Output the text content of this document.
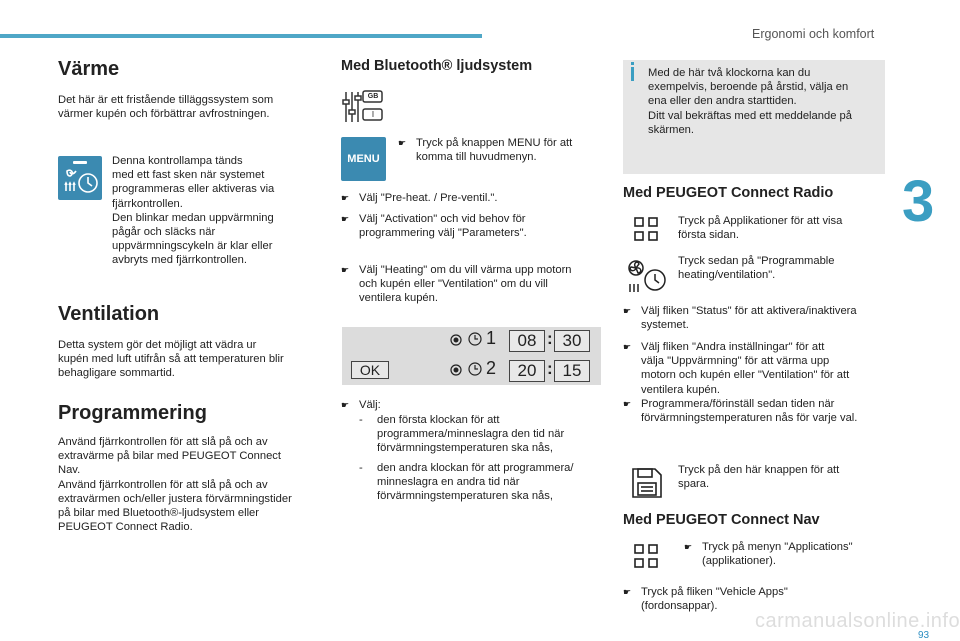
Ergonomi och komfort
3
Värme
Det här är ett fristående tilläggssystem som värmer kupén och förbättrar avfrostningen.
Denna kontrollampa tänds
med ett fast sken när systemet
programmeras eller aktiveras via
fjärrkontrollen.
Den blinkar medan uppvärmning
pågår och släcks när
uppvärmningscykeln är klar eller
avbryts med fjärrkontrollen.
Ventilation
Detta system gör det möjligt att vädra ur
kupén med luft utifrån så att temperaturen blir
behagligare sommartid.
Programmering
Använd fjärrkontrollen för att slå på och av
extravärme på bilar med PEUGEOT Connect
Nav.
Använd fjärrkontrollen för att slå på och av
extravärmen och/eller justera förvärmningstider
på bilar med Bluetooth®-ljudsystem eller
PEUGEOT Connect Radio.
Med Bluetooth® ljudsystem
GB
I
MENU
☛ Tryck på knappen MENU för att
komma till huvudmenyn.
☛ Välj "Pre-heat. / Pre-ventil.".
☛ Välj "Activation" och vid behov för
programmering välj "Parameters".
☛ Välj "Heating" om du vill värma upp motorn
och kupén eller "Ventilation" om du vill
ventilera kupén.
OK
1	08 : 30
2	20 : 15
☛ Välj:
- den första klockan för att
programmera/minneslagra den tid när
förvärmningstemperaturen ska nås,
- den andra klockan för att programmera/
minneslagra en andra tid när
förvärmningstemperaturen ska nås,
Med de här två klockorna kan du
exempelvis, beroende på årstid, välja en
ena eller den andra starttiden.
Ditt val bekräftas med ett meddelande på
skärmen.
Med PEUGEOT Connect Radio
Tryck på Applikationer för att visa
första sidan.
Tryck sedan på "Programmable
heating/ventilation".
☛ Välj fliken "Status" för att aktivera/inaktivera
systemet.
☛ Välj fliken "Andra inställningar" för att
välja "Uppvärmning" för att värma upp
motorn och kupén eller "Ventilation" för att
ventilera kupén.
☛ Programmera/förinställ sedan tiden när
förvärmningstemperaturen nås för varje val.
Tryck på den här knappen för att
spara.
Med PEUGEOT Connect Nav
☛ Tryck på menyn "Applications"
(applikationer).
☛ Tryck på fliken "Vehicle Apps"
(fordonsappar).
carmanualsonline.info
93
